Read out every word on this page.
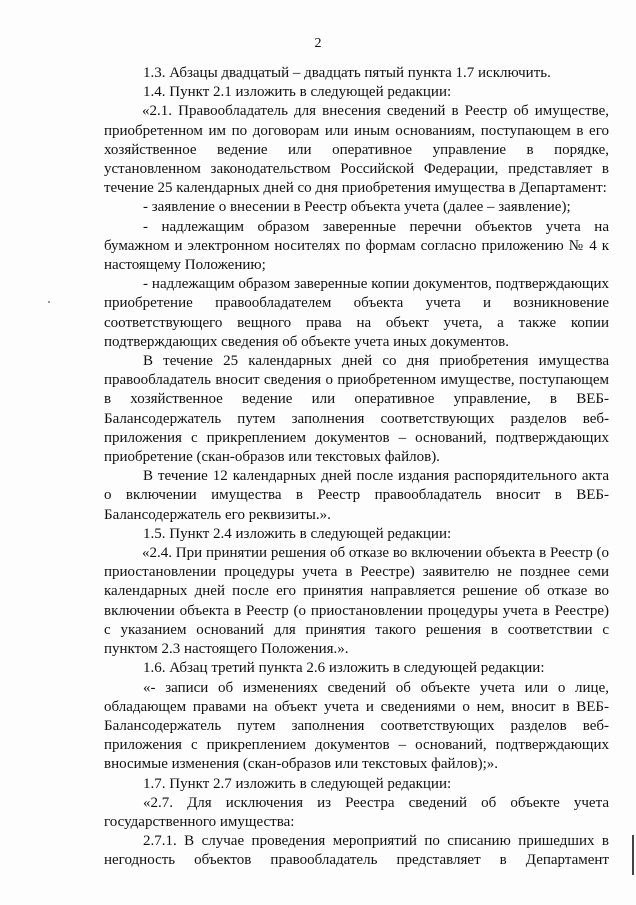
2

1.3. Абзацы двадцатый – двадцать пятый пункта 1.7 исключить.

1.4. Пункт 2.1 изложить в следующей редакции:

«2.1. Правообладатель для внесения сведений в Реестр об имуществе, приобретенном им по договорам или иным основаниям, поступающем в его хозяйственное ведение или оперативное управление в порядке, установленном законодательством Российской Федерации, представляет в течение 25 календарных дней со дня приобретения имущества в Департамент:

- заявление о внесении в Реестр объекта учета (далее – заявление);

- надлежащим образом заверенные перечни объектов учета на бумажном и электронном носителях по формам согласно приложению № 4 к настоящему Положению;

- надлежащим образом заверенные копии документов, подтверждающих приобретение правообладателем объекта учета и возникновение соответствующего вещного права на объект учета, а также копии подтверждающих сведения об объекте учета иных документов.

В течение 25 календарных дней со дня приобретения имущества правообладатель вносит сведения о приобретенном имуществе, поступающем в хозяйственное ведение или оперативное управление, в ВЕБ-Балансодержатель путем заполнения соответствующих разделов веб-приложения с прикреплением документов – оснований, подтверждающих приобретение (скан-образов или текстовых файлов).

В течение 12 календарных дней после издания распорядительного акта о включении имущества в Реестр правообладатель вносит в ВЕБ-Балансодержатель его реквизиты.».

1.5. Пункт 2.4 изложить в следующей редакции:

«2.4. При принятии решения об отказе во включении объекта в Реестр (о приостановлении процедуры учета в Реестре) заявителю не позднее семи календарных дней после его принятия направляется решение об отказе во включении объекта в Реестр (о приостановлении процедуры учета в Реестре) с указанием оснований для принятия такого решения в соответствии с пунктом 2.3 настоящего Положения.».

1.6. Абзац третий пункта 2.6 изложить в следующей редакции:

«- записи об изменениях сведений об объекте учета или о лице, обладающем правами на объект учета и сведениями о нем, вносит в ВЕБ-Балансодержатель путем заполнения соответствующих разделов веб-приложения с прикреплением документов – оснований, подтверждающих вносимые изменения (скан-образов или текстовых файлов);».

1.7. Пункт 2.7 изложить в следующей редакции:

«2.7. Для исключения из Реестра сведений об объекте учета государственного имущества:

2.7.1. В случае проведения мероприятий по списанию пришедших в негодность объектов правообладатель представляет в Департамент
